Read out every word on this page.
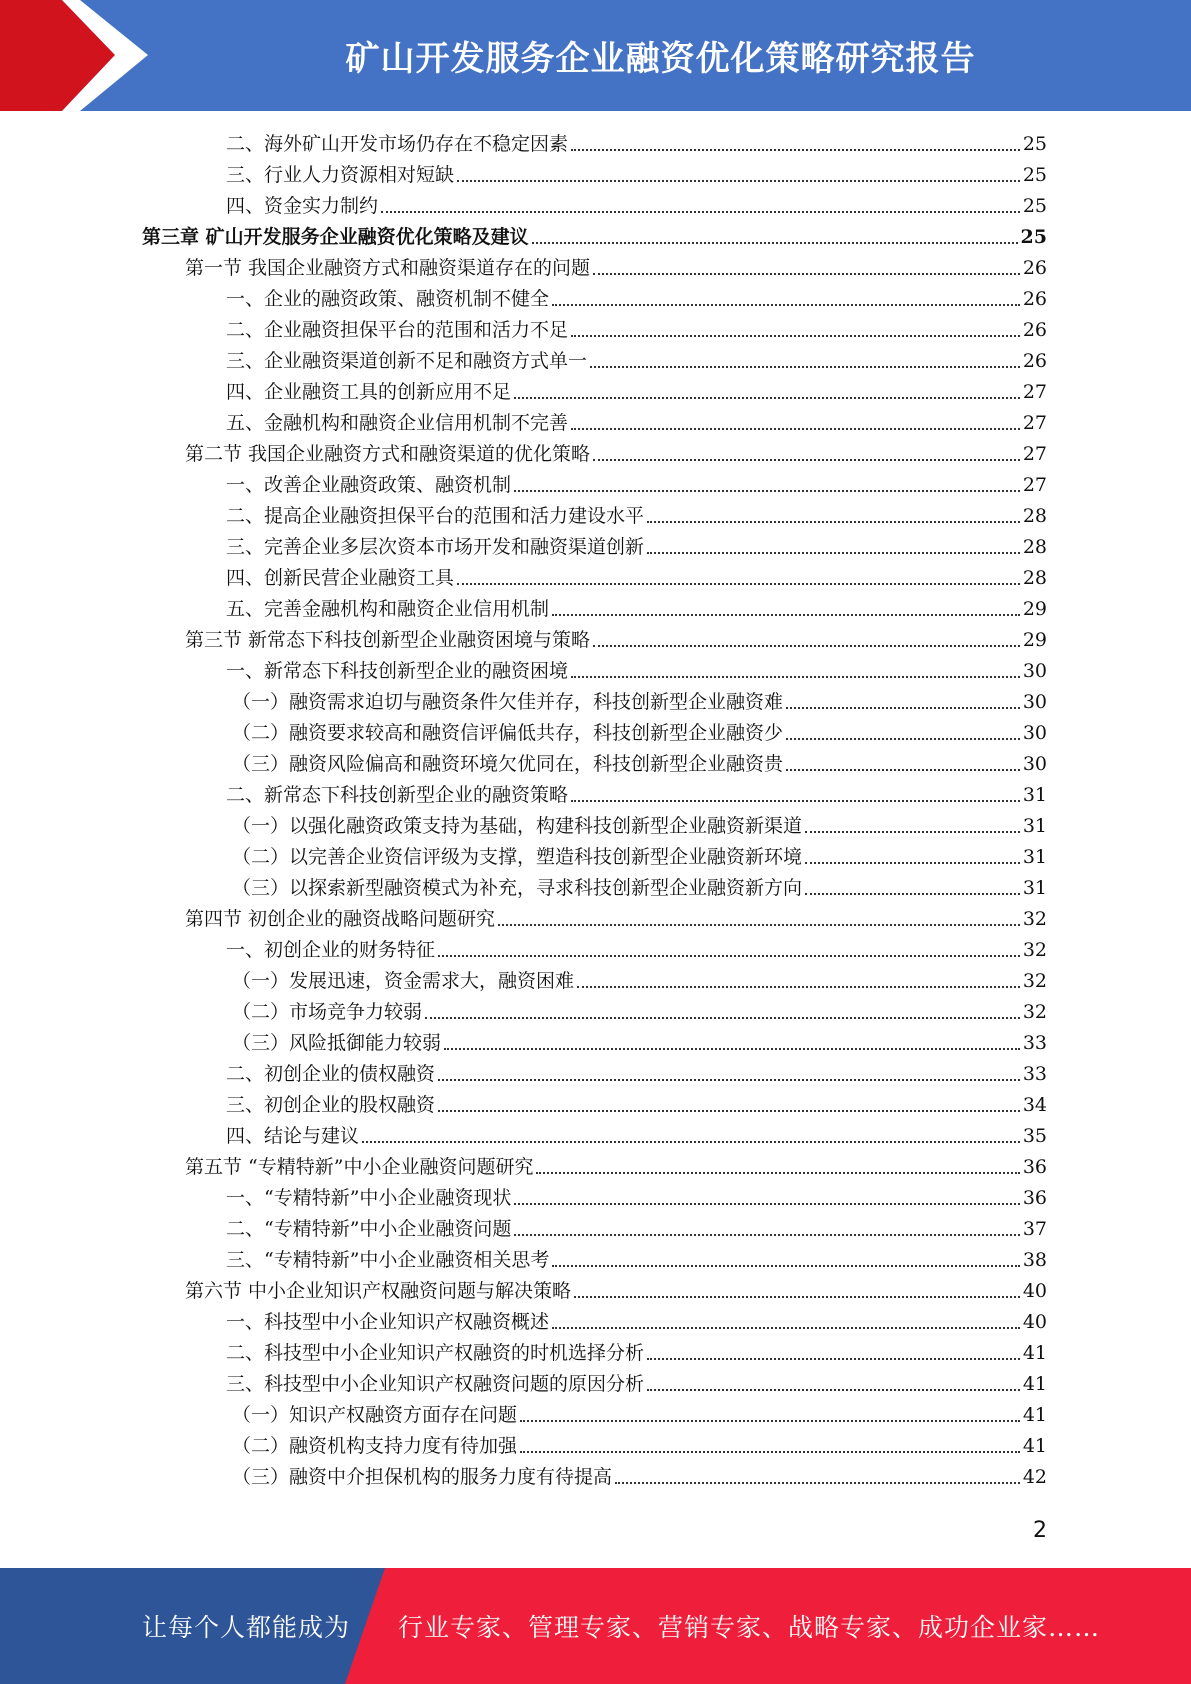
矿山开发服务企业融资优化策略研究报告
二、海外矿山开发市场仍存在不稳定因素	25
三、行业人力资源相对短缺	25
四、资金实力制约	25
第三章 矿山开发服务企业融资优化策略及建议	25
第一节 我国企业融资方式和融资渠道存在的问题	26
一、企业的融资政策、融资机制不健全	26
二、企业融资担保平台的范围和活力不足	26
三、企业融资渠道创新不足和融资方式单一	26
四、企业融资工具的创新应用不足	27
五、金融机构和融资企业信用机制不完善	27
第二节 我国企业融资方式和融资渠道的优化策略	27
一、改善企业融资政策、融资机制	27
二、提高企业融资担保平台的范围和活力建设水平	28
三、完善企业多层次资本市场开发和融资渠道创新	28
四、创新民营企业融资工具	28
五、完善金融机构和融资企业信用机制	29
第三节 新常态下科技创新型企业融资困境与策略	29
一、新常态下科技创新型企业的融资困境	30
（一）融资需求迫切与融资条件欠佳并存，科技创新型企业融资难	30
（二）融资要求较高和融资信评偏低共存，科技创新型企业融资少	30
（三）融资风险偏高和融资环境欠优同在，科技创新型企业融资贵	30
二、新常态下科技创新型企业的融资策略	31
（一）以强化融资政策支持为基础，构建科技创新型企业融资新渠道	31
（二）以完善企业资信评级为支撑，塑造科技创新型企业融资新环境	31
（三）以探索新型融资模式为补充，寻求科技创新型企业融资新方向	31
第四节 初创企业的融资战略问题研究	32
一、初创企业的财务特征	32
（一）发展迅速，资金需求大，融资困难	32
（二）市场竞争力较弱	32
（三）风险抵御能力较弱	33
二、初创企业的债权融资	33
三、初创企业的股权融资	34
四、结论与建议	35
第五节 “专精特新”中小企业融资问题研究	36
一、“专精特新”中小企业融资现状	36
二、“专精特新”中小企业融资问题	37
三、“专精特新”中小企业融资相关思考	38
第六节 中小企业知识产权融资问题与解决策略	40
一、科技型中小企业知识产权融资概述	40
二、科技型中小企业知识产权融资的时机选择分析	41
三、科技型中小企业知识产权融资问题的原因分析	41
（一）知识产权融资方面存在问题	41
（二）融资机构支持力度有待加强	41
（三）融资中介担保机构的服务力度有待提高	42
2
让每个人都能成为 行业专家、管理专家、营销专家、战略专家、成功企业家……
